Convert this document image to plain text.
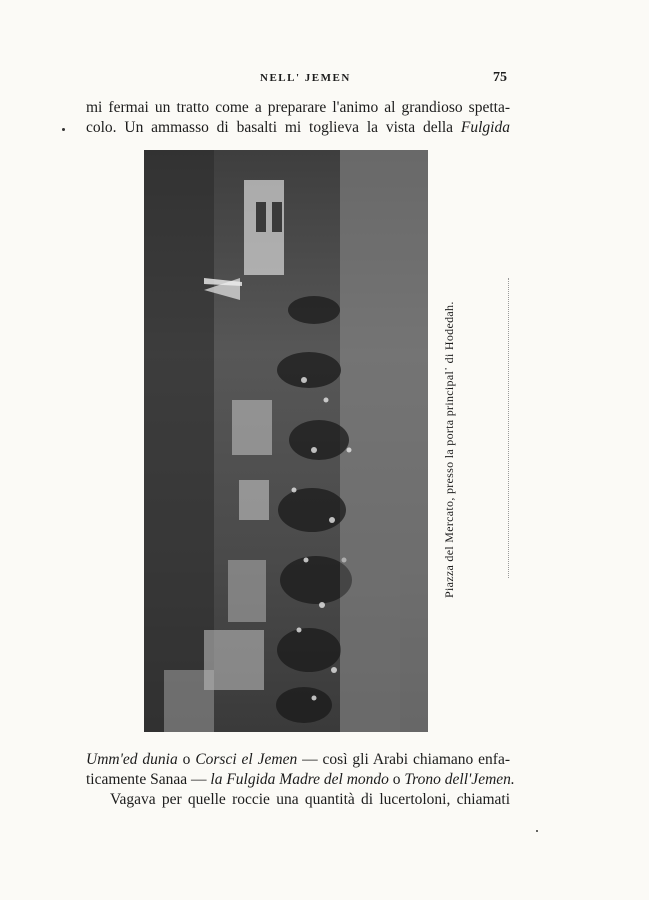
NELL' JEMEN	75
mi fermai un tratto come a preparare l'animo al grandioso spetta-
colo. Un ammasso di basalti mi toglieva la vista della Fulgida
Piazza del Mercato, presso la porta principal᾽ di Hodedah.
Umm'ed dunia o Corsci el Jemen — così gli Arabi chiamano enfa-
ticamente Sanaa — la Fulgida Madre del mondo o Trono dell'Jemen.
Vagava per quelle roccie una quantità di lucertoloni, chiamati
